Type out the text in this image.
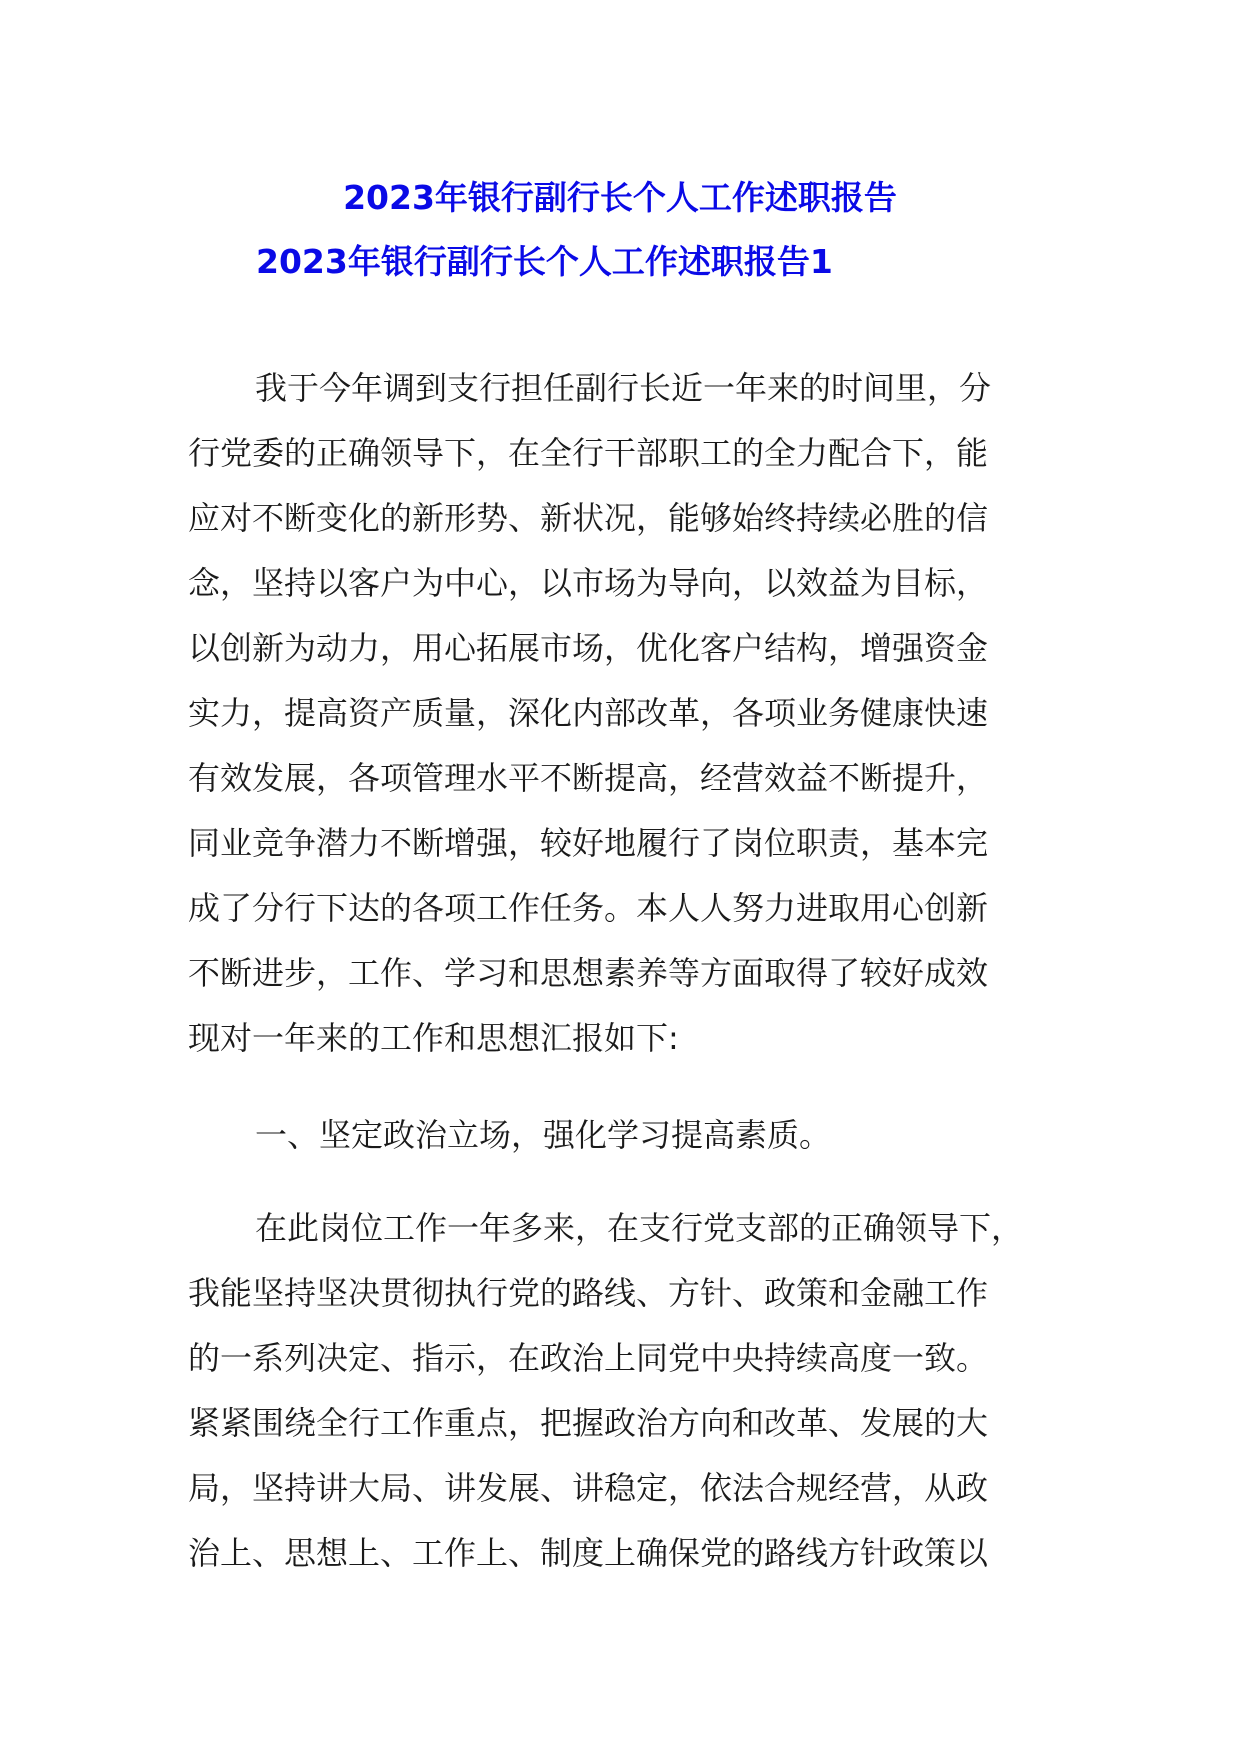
2023年银行副行长个人工作述职报告
2023年银行副行长个人工作述职报告1

我于今年调到支行担任副行长近一年来的时间里，分
行党委的正确领导下，在全行干部职工的全力配合下，能
应对不断变化的新形势、新状况，能够始终持续必胜的信
念，坚持以客户为中心，以市场为导向，以效益为目标，
以创新为动力，用心拓展市场，优化客户结构，增强资金
实力，提高资产质量，深化内部改革，各项业务健康快速
有效发展，各项管理水平不断提高，经营效益不断提升，
同业竞争潜力不断增强，较好地履行了岗位职责，基本完
成了分行下达的各项工作任务。本人人努力进取用心创新
不断进步，工作、学习和思想素养等方面取得了较好成效
现对一年来的工作和思想汇报如下:

一、坚定政治立场，强化学习提高素质。

在此岗位工作一年多来，在支行党支部的正确领导下，
我能坚持坚决贯彻执行党的路线、方针、政策和金融工作
的一系列决定、指示，在政治上同党中央持续高度一致。
紧紧围绕全行工作重点，把握政治方向和改革、发展的大
局，坚持讲大局、讲发展、讲稳定，依法合规经营，从政
治上、思想上、工作上、制度上确保党的路线方针政策以
